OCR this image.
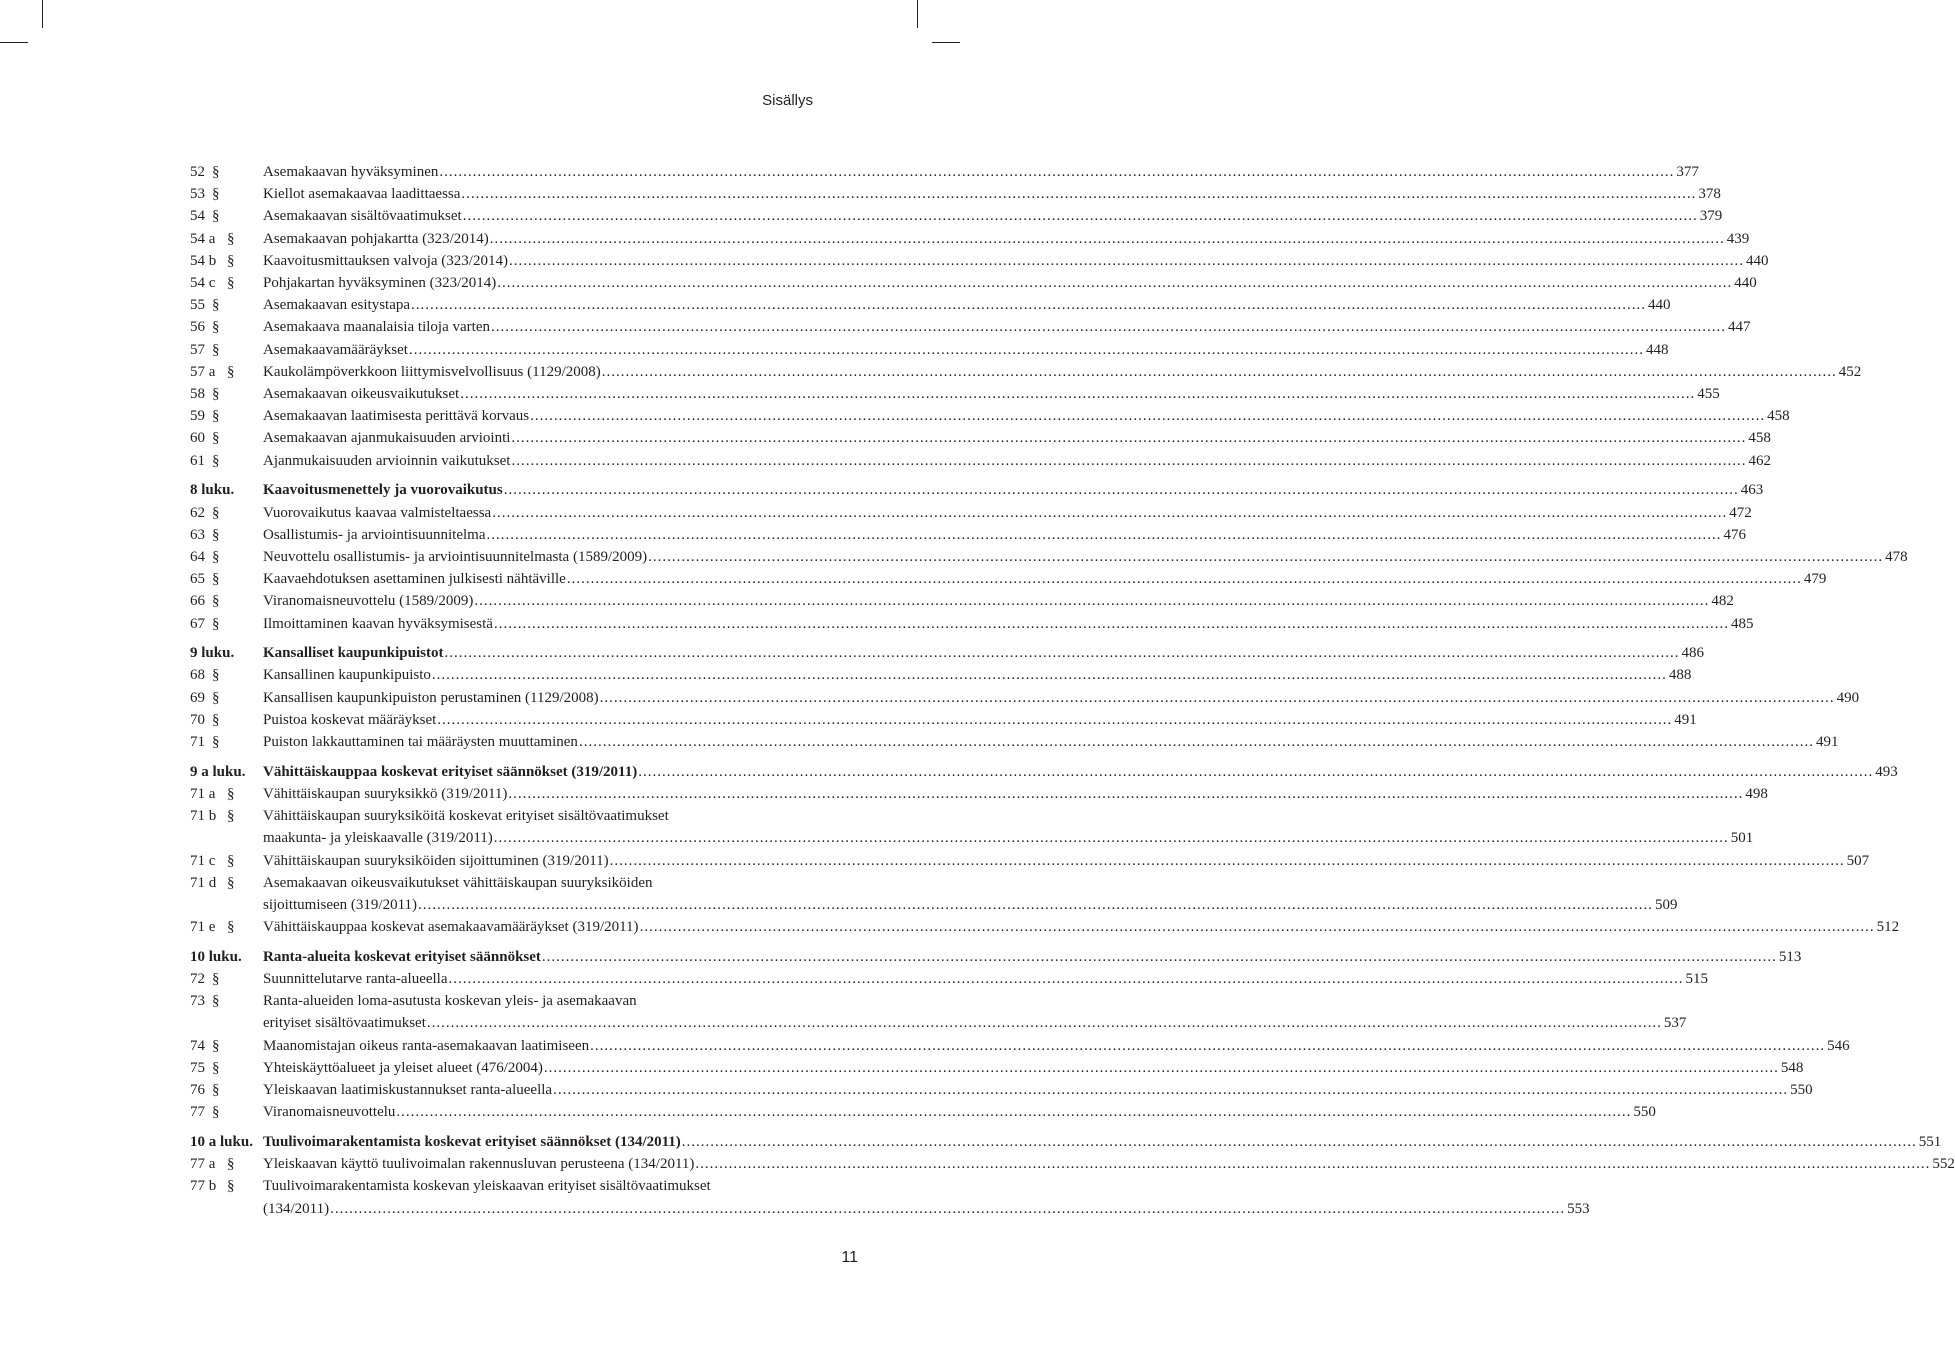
Sisällys
52 §	Asemakaavan hyväksyminen .................................................................................................................................................................................................................................................................... 377
53 §	Kiellot asemakaavaa laadittaessa .................................................................................................................................................................................................................................................................... 378
54 §	Asemakaavan sisältövaatimukset .................................................................................................................................................................................................................................................................... 379
54 a § Asemakaavan pohjakartta (323/2014) .................................................................................................................................................................................................................................................................... 439
54 b § Kaavoitusmittauksen valvoja (323/2014) .................................................................................................................................................................................................................................................................... 440
54 c § Pohjakartan hyväksyminen (323/2014) .................................................................................................................................................................................................................................................................... 440
55 §	Asemakaavan esitystapa .................................................................................................................................................................................................................................................................... 440
56 §	Asemakaava maanalaisia tiloja varten .................................................................................................................................................................................................................................................................... 447
57 §	Asemakaavamääräykset .................................................................................................................................................................................................................................................................... 448
57 a § Kaukolämpöverkkoon liittymisvelvollisuus (1129/2008) .................................................................................................................................................................................................................................................................... 452
58 §	Asemakaavan oikeusvaikutukset .................................................................................................................................................................................................................................................................... 455
59 §	Asemakaavan laatimisesta perittävä korvaus .................................................................................................................................................................................................................................................................... 458
60 §	Asemakaavan ajanmukaisuuden arviointi .................................................................................................................................................................................................................................................................... 458
61 §	Ajanmukaisuuden arvioinnin vaikutukset .................................................................................................................................................................................................................................................................... 462
8 luku. Kaavoitusmenettely ja vuorovaikutus .................................................................................................................................................................................................................................................................... 463
62 §	Vuorovaikutus kaavaa valmisteltaessa .................................................................................................................................................................................................................................................................... 472
63 §	Osallistumis- ja arviointisuunnitelma .................................................................................................................................................................................................................................................................... 476
64 §	Neuvottelu osallistumis- ja arviointisuunnitelmasta (1589/2009) .................................................................................................................................................................................................................................................................... 478
65 §	Kaavaehdotuksen asettaminen julkisesti nähtäville .................................................................................................................................................................................................................................................................... 479
66 §	Viranomaisneuvottelu (1589/2009) .................................................................................................................................................................................................................................................................... 482
67 §	Ilmoittaminen kaavan hyväksymisestä .................................................................................................................................................................................................................................................................... 485
9 luku. Kansalliset kaupunkipuistot .................................................................................................................................................................................................................................................................... 486
68 §	Kansallinen kaupunkipuisto .................................................................................................................................................................................................................................................................... 488
69 §	Kansallisen kaupunkipuiston perustaminen (1129/2008) .................................................................................................................................................................................................................................................................... 490
70 §	Puistoa koskevat määräykset .................................................................................................................................................................................................................................................................... 491
71 §	Puiston lakkauttaminen tai määräysten muuttaminen .................................................................................................................................................................................................................................................................... 491
9 a luku. Vähittäiskauppaa koskevat erityiset säännökset (319/2011) .................................................................................................................................................................................................................................................................... 493
71 a § Vähittäiskaupan suuryksikkö (319/2011) .................................................................................................................................................................................................................................................................... 498
71 b § Vähittäiskaupan suuryksiköitä koskevat erityiset sisältövaatimukset
maakunta- ja yleiskaavalle (319/2011) .................................................................................................................................................................................................................................................................... 501
71 c § Vähittäiskaupan suuryksiköiden sijoittuminen (319/2011) .................................................................................................................................................................................................................................................................... 507
71 d § Asemakaavan oikeusvaikutukset vähittäiskaupan suuryksiköiden
sijoittumiseen (319/2011) .................................................................................................................................................................................................................................................................... 509
71 e § Vähittäiskauppaa koskevat asemakaavamääräykset (319/2011) .................................................................................................................................................................................................................................................................... 512
10 luku. Ranta-alueita koskevat erityiset säännökset .................................................................................................................................................................................................................................................................... 513
72 §	Suunnittelutarve ranta-alueella .................................................................................................................................................................................................................................................................... 515
73 §	Ranta-alueiden loma-asutusta koskevan yleis- ja asemakaavan
erityiset sisältövaatimukset .................................................................................................................................................................................................................................................................... 537
74 §	Maanomistajan oikeus ranta-asemakaavan laatimiseen .................................................................................................................................................................................................................................................................... 546
75 §	Yhteiskäyttöalueet ja yleiset alueet (476/2004) .................................................................................................................................................................................................................................................................... 548
76 §	Yleiskaavan laatimiskustannukset ranta-alueella .................................................................................................................................................................................................................................................................... 550
77 §	Viranomaisneuvottelu .................................................................................................................................................................................................................................................................... 550
10 a luku. Tuulivoimarakentamista koskevat erityiset säännökset (134/2011) .................................................................................................................................................................................................................................................................... 551
77 a § Yleiskaavan käyttö tuulivoimalan rakennusluvan perusteena (134/2011) .................................................................................................................................................................................................................................................................... 552
77 b § Tuulivoimarakentamista koskevan yleiskaavan erityiset sisältövaatimukset
(134/2011) .................................................................................................................................................................................................................................................................... 553
11
